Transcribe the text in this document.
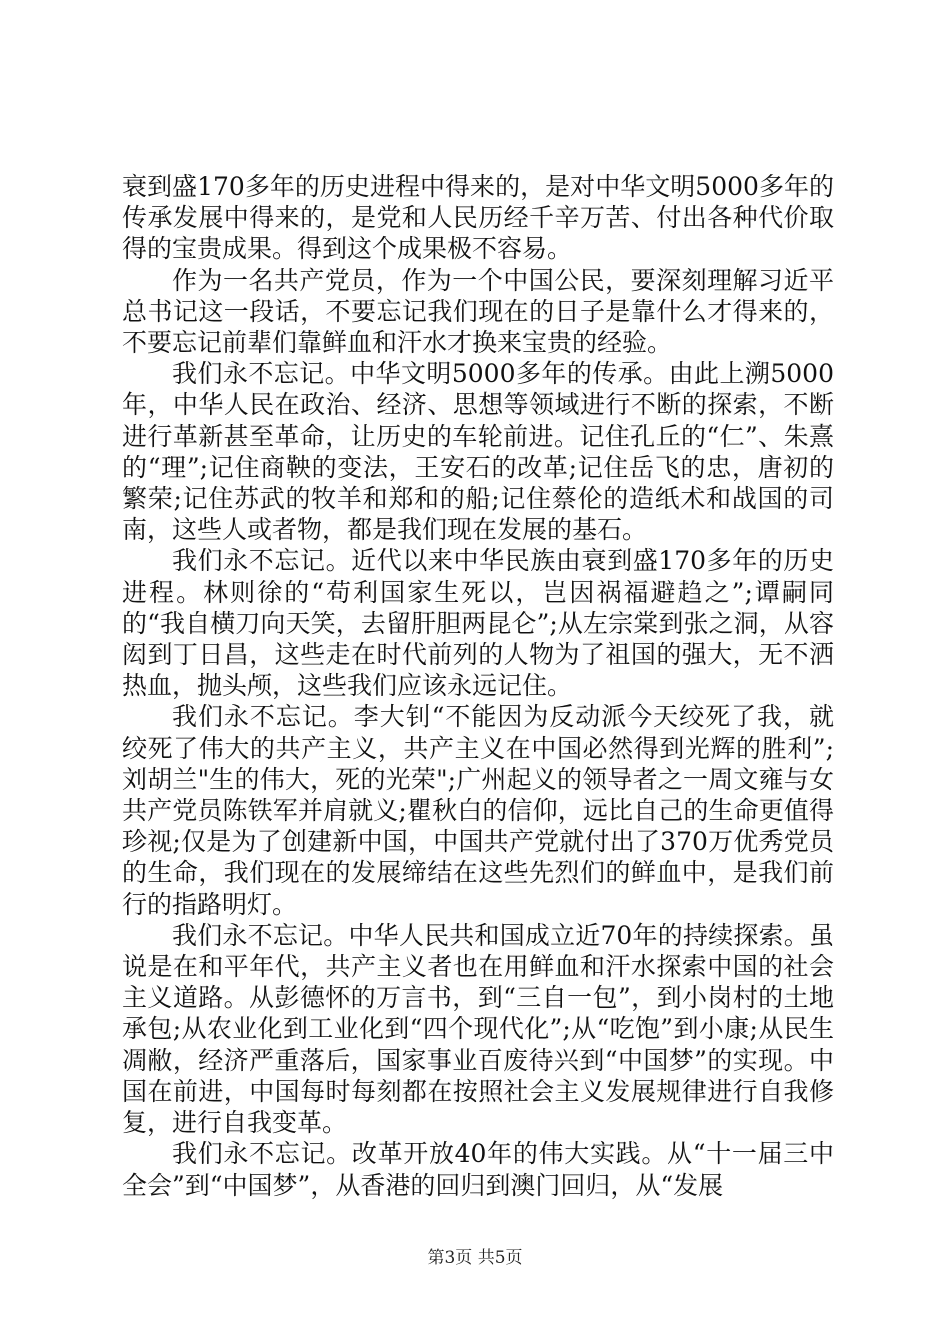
衰到盛170多年的历史进程中得来的，是对中华文明5000多年的传承发展中得来的，是党和人民历经千辛万苦、付出各种代价取得的宝贵成果。得到这个成果极不容易。

作为一名共产党员，作为一个中国公民，要深刻理解习近平总书记这一段话，不要忘记我们现在的日子是靠什么才得来的，不要忘记前辈们靠鲜血和汗水才换来宝贵的经验。

我们永不忘记。中华文明5000多年的传承。由此上溯5000年，中华人民在政治、经济、思想等领域进行不断的探索，不断进行革新甚至革命，让历史的车轮前进。记住孔丘的“仁”、朱熹的“理”;记住商鞅的变法，王安石的改革;记住岳飞的忠，唐初的繁荣;记住苏武的牧羊和郑和的船;记住蔡伦的造纸术和战国的司南，这些人或者物，都是我们现在发展的基石。

我们永不忘记。近代以来中华民族由衰到盛170多年的历史进程。林则徐的“苟利国家生死以，岂因祸福避趋之”;谭嗣同的“我自横刀向天笑，去留肝胆两昆仑”;从左宗棠到张之洞，从容闳到丁日昌，这些走在时代前列的人物为了祖国的强大，无不洒热血，抛头颅，这些我们应该永远记住。

我们永不忘记。李大钊“不能因为反动派今天绞死了我，就绞死了伟大的共产主义，共产主义在中国必然得到光辉的胜利”;刘胡兰"生的伟大，死的光荣";广州起义的领导者之一周文雍与女共产党员陈铁军并肩就义;瞿秋白的信仰，远比自己的生命更值得珍视;仅是为了创建新中国，中国共产党就付出了370万优秀党员的生命，我们现在的发展缔结在这些先烈们的鲜血中，是我们前行的指路明灯。

我们永不忘记。中华人民共和国成立近70年的持续探索。虽说是在和平年代，共产主义者也在用鲜血和汗水探索中国的社会主义道路。从彭德怀的万言书，到“三自一包”，到小岗村的土地承包;从农业化到工业化到“四个现代化”;从“吃饱”到小康;从民生凋敝，经济严重落后，国家事业百废待兴到“中国梦”的实现。中国在前进，中国每时每刻都在按照社会主义发展规律进行自我修复，进行自我变革。

我们永不忘记。改革开放40年的伟大实践。从“十一届三中全会”到“中国梦”，从香港的回归到澳门回归，从“发展

第3页 共5页
